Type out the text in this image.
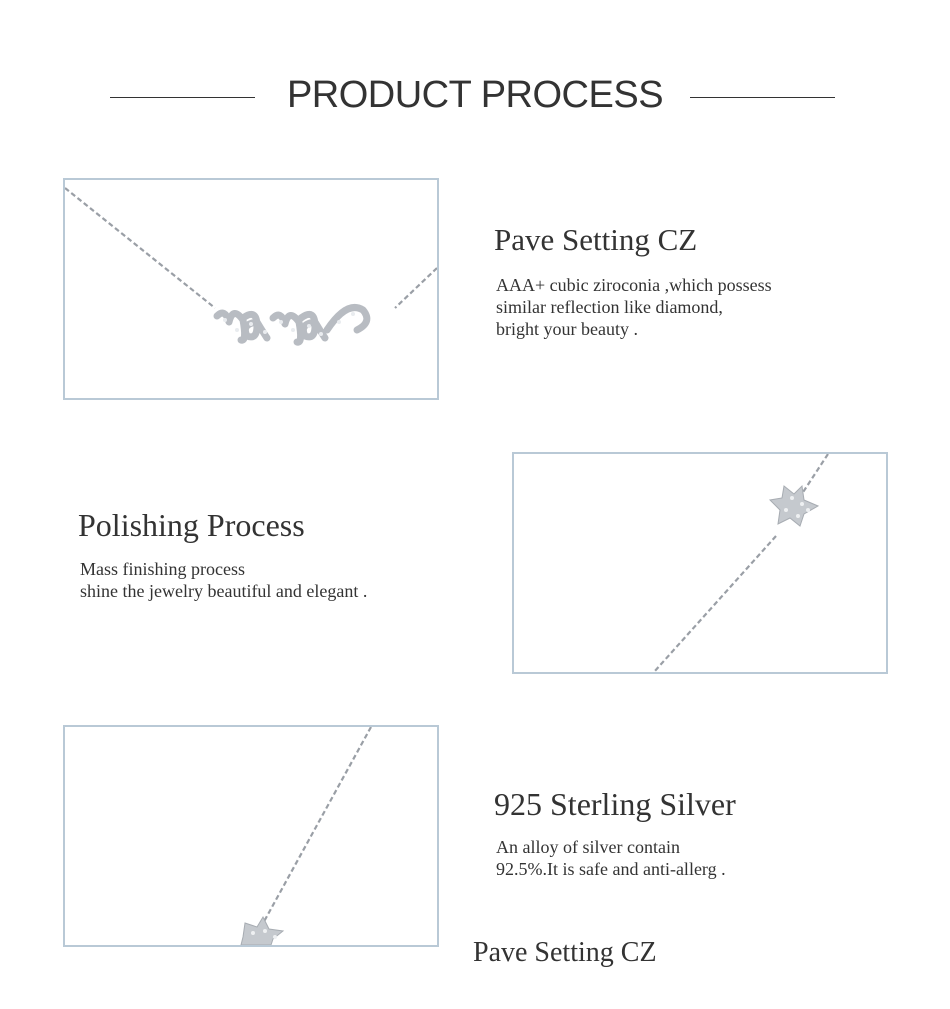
PRODUCT PROCESS
Pave Setting CZ
AAA+ cubic ziroconia ,which possess
similar reflection like diamond,
bright your beauty .
Polishing Process
Mass finishing process
shine the jewelry beautiful and elegant .
925 Sterling Silver
An alloy of silver contain
92.5%.It is safe and anti-allerg .
Pave Setting CZ
